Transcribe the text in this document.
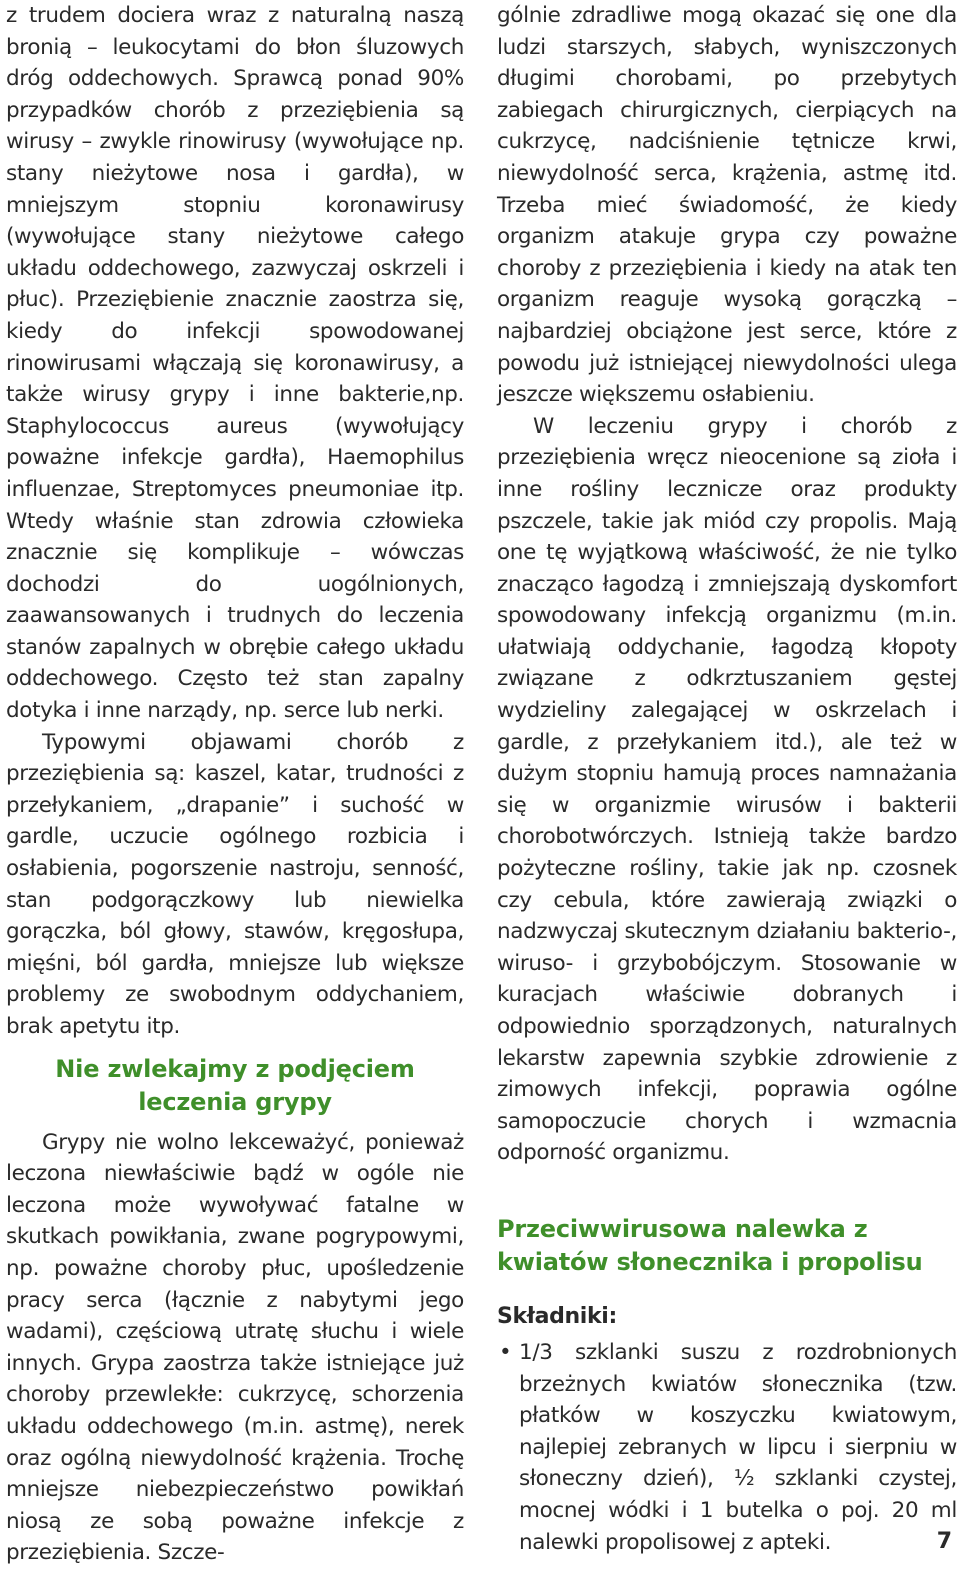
z trudem dociera wraz z naturalną naszą bronią – leukocytami do błon śluzowych dróg oddechowych. Sprawcą ponad 90% przypadków chorób z przeziębienia są wirusy – zwykle rinowirusy (wywołujące np. stany nieżytowe nosa i gardła), w mniejszym stopniu koronawirusy (wywołujące stany nieżytowe całego układu oddechowego, zazwyczaj oskrzeli i płuc). Przeziębienie znacznie zaostrza się, kiedy do infekcji spowodowanej rinowirusami włączają się koronawirusy, a także wirusy grypy i inne bakterie,np. Staphylococcus aureus (wywołujący poważne infekcje gardła), Haemophilus influenzae, Streptomyces pneumoniae itp. Wtedy właśnie stan zdrowia człowieka znacznie się komplikuje – wówczas dochodzi do uogólnionych, zaawansowanych i trudnych do leczenia stanów zapalnych w obrębie całego układu oddechowego. Często też stan zapalny dotyka i inne narządy, np. serce lub nerki.

Typowymi objawami chorób z przeziębienia są: kaszel, katar, trudności z przełykaniem, „drapanie” i suchość w gardle, uczucie ogólnego rozbicia i osłabienia, pogorszenie nastroju, senność, stan podgorączkowy lub niewielka gorączka, ból głowy, stawów, kręgosłupa, mięśni, ból gardła, mniejsze lub większe problemy ze swobodnym oddychaniem, brak apetytu itp.

Nie zwlekajmy z podjęciem leczenia grypy

Grypy nie wolno lekceważyć, ponieważ leczona niewłaściwie bądź w ogóle nie leczona może wywoływać fatalne w skutkach powikłania, zwane pogrypowymi, np. poważne choroby płuc, upośledzenie pracy serca (łącznie z nabytymi jego wadami), częściową utratę słuchu i wiele innych. Grypa zaostrza także istniejące już choroby przewlekłe: cukrzycę, schorzenia układu oddechowego (m.in. astmę), nerek oraz ogólną niewydolność krążenia. Trochę mniejsze niebezpieczeństwo powikłań niosą ze sobą poważne infekcje z przeziębienia. Szcze-

gólnie zdradliwe mogą okazać się one dla ludzi starszych, słabych, wyniszczonych długimi chorobami, po przebytych zabiegach chirurgicznych, cierpiących na cukrzycę, nadciśnienie tętnicze krwi, niewydolność serca, krążenia, astmę itd. Trzeba mieć świadomość, że kiedy organizm atakuje grypa czy poważne choroby z przeziębienia i kiedy na atak ten organizm reaguje wysoką gorączką – najbardziej obciążone jest serce, które z powodu już istniejącej niewydolności ulega jeszcze większemu osłabieniu.

W leczeniu grypy i chorób z przeziębienia wręcz nieocenione są zioła i inne rośliny lecznicze oraz produkty pszczele, takie jak miód czy propolis. Mają one tę wyjątkową właściwość, że nie tylko znacząco łagodzą i zmniejszają dyskomfort spowodowany infekcją organizmu (m.in. ułatwiają oddychanie, łagodzą kłopoty związane z odkrztuszaniem gęstej wydzieliny zalegającej w oskrzelach i gardle, z przełykaniem itd.), ale też w dużym stopniu hamują proces namnażania się w organizmie wirusów i bakterii chorobotwórczych. Istnieją także bardzo pożyteczne rośliny, takie jak np. czosnek czy cebula, które zawierają związki o nadzwyczaj skutecznym działaniu bakterio-, wiruso- i grzybobójczym. Stosowanie w kuracjach właściwie dobranych i odpowiednio sporządzonych, naturalnych lekarstw zapewnia szybkie zdrowienie z zimowych infekcji, poprawia ogólne samopoczucie chorych i wzmacnia odporność organizmu.

Przeciwwirusowa nalewka z kwiatów słonecznika i propolisu
Składniki:
• 1/3 szklanki suszu z rozdrobnionych brzeżnych kwiatów słonecznika (tzw. płatków w koszyczku kwiatowym, najlepiej zebranych w lipcu i sierpniu w słoneczny dzień), ½ szklanki czystej, mocnej wódki i 1 butelka o poj. 20 ml nalewki propolisowej z apteki.	7
